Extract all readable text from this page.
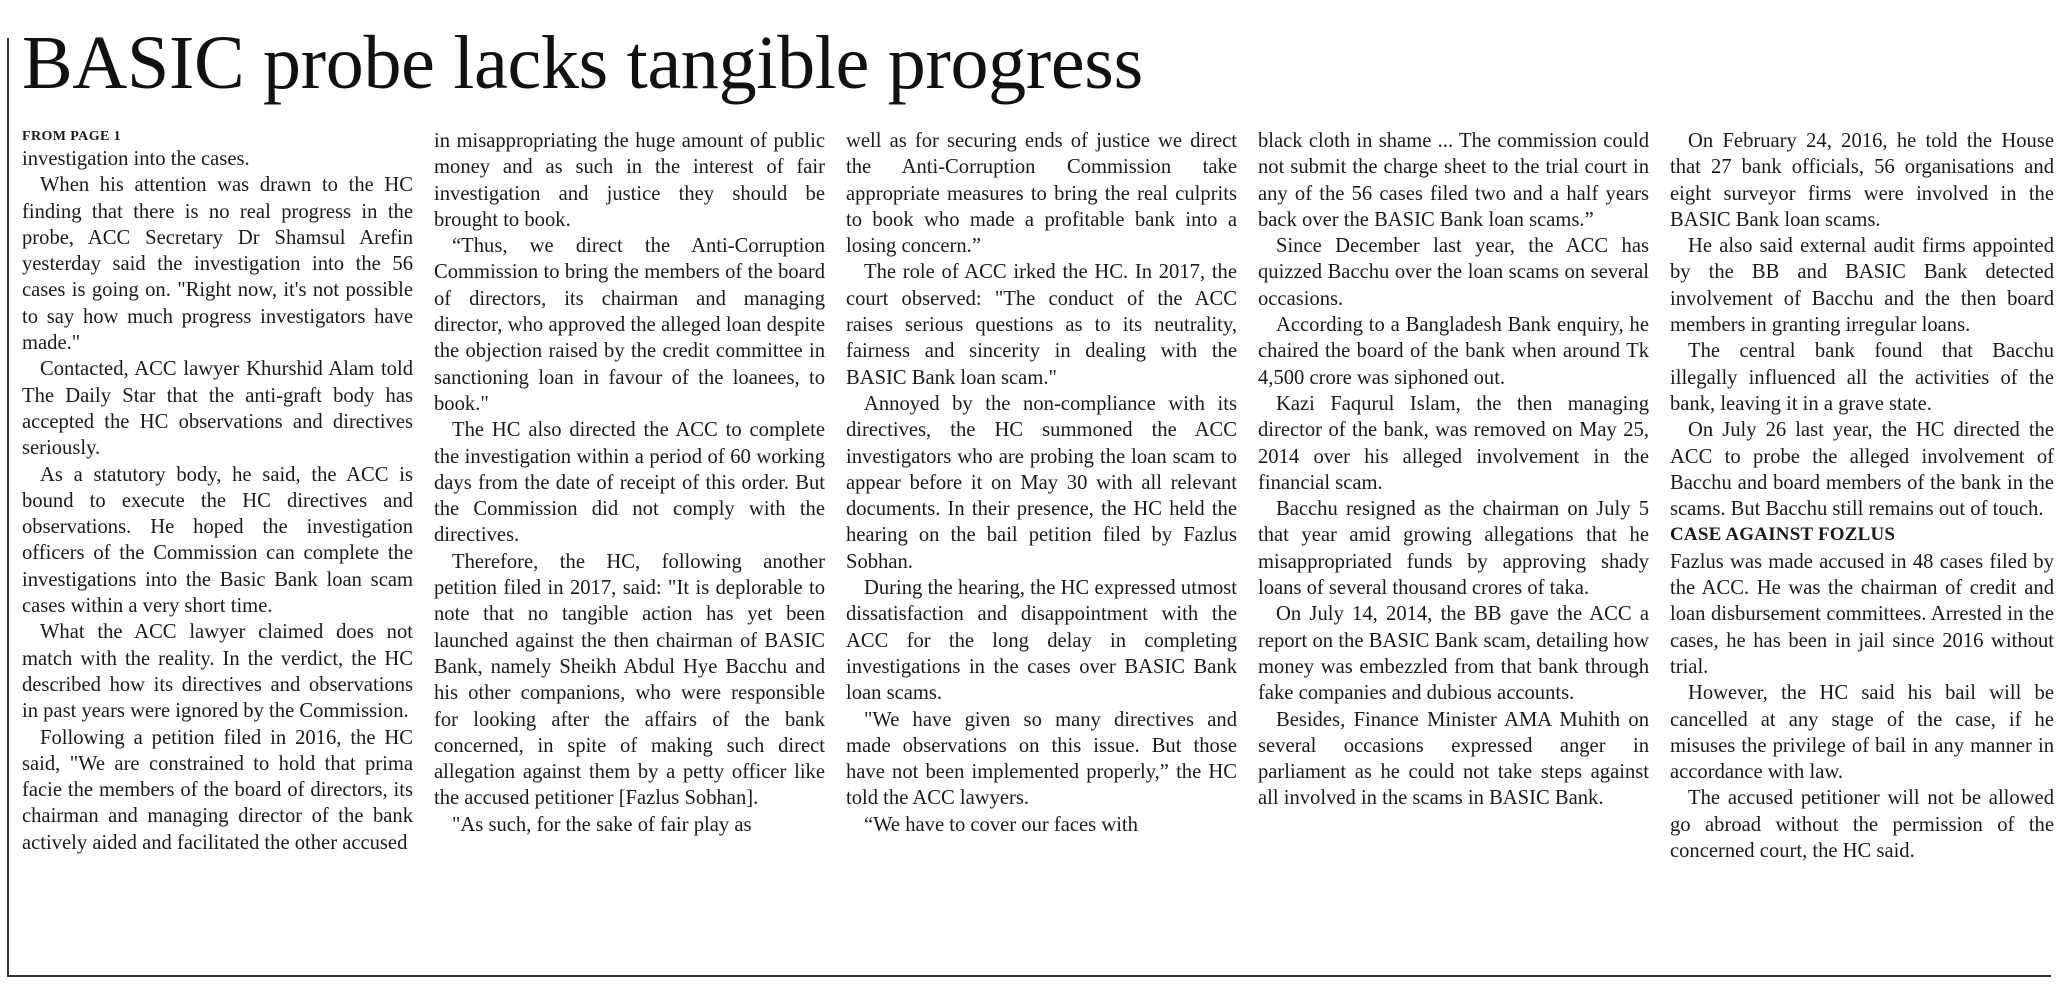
BASIC probe lacks tangible progress

FROM PAGE 1

investigation into the cases.

When his attention was drawn to the HC finding that there is no real progress in the probe, ACC Secretary Dr Shamsul Arefin yesterday said the investigation into the 56 cases is going on. "Right now, it's not possible to say how much progress investigators have made."

Contacted, ACC lawyer Khurshid Alam told The Daily Star that the anti-graft body has accepted the HC observations and directives seriously.

As a statutory body, he said, the ACC is bound to execute the HC directives and observations. He hoped the investigation officers of the Commission can complete the investigations into the Basic Bank loan scam cases within a very short time.

What the ACC lawyer claimed does not match with the reality. In the verdict, the HC described how its directives and observations in past years were ignored by the Commission.

Following a petition filed in 2016, the HC said, "We are constrained to hold that prima facie the members of the board of directors, its chairman and managing director of the bank actively aided and facilitated the other accused

in misappropriating the huge amount of public money and as such in the interest of fair investigation and justice they should be brought to book.

“Thus, we direct the Anti-Corruption Commission to bring the members of the board of directors, its chairman and managing director, who approved the alleged loan despite the objection raised by the credit committee in sanctioning loan in favour of the loanees, to book."

The HC also directed the ACC to complete the investigation within a period of 60 working days from the date of receipt of this order. But the Commission did not comply with the directives.

Therefore, the HC, following another petition filed in 2017, said: "It is deplorable to note that no tangible action has yet been launched against the then chairman of BASIC Bank, namely Sheikh Abdul Hye Bacchu and his other companions, who were responsible for looking after the affairs of the bank concerned, in spite of making such direct allegation against them by a petty officer like the accused petitioner [Fazlus Sobhan].

"As such, for the sake of fair play as

well as for securing ends of justice we direct the Anti-Corruption Commission take appropriate measures to bring the real culprits to book who made a profitable bank into a losing concern.”

The role of ACC irked the HC. In 2017, the court observed: "The conduct of the ACC raises serious questions as to its neutrality, fairness and sincerity in dealing with the BASIC Bank loan scam."

Annoyed by the non-compliance with its directives, the HC summoned the ACC investigators who are probing the loan scam to appear before it on May 30 with all relevant documents. In their presence, the HC held the hearing on the bail petition filed by Fazlus Sobhan.

During the hearing, the HC expressed utmost dissatisfaction and disappointment with the ACC for the long delay in completing investigations in the cases over BASIC Bank loan scams.

"We have given so many directives and made observations on this issue. But those have not been implemented properly,” the HC told the ACC lawyers.

“We have to cover our faces with

black cloth in shame ... The commission could not submit the charge sheet to the trial court in any of the 56 cases filed two and a half years back over the BASIC Bank loan scams.”

Since December last year, the ACC has quizzed Bacchu over the loan scams on several occasions.

According to a Bangladesh Bank enquiry, he chaired the board of the bank when around Tk 4,500 crore was siphoned out.

Kazi Faqurul Islam, the then managing director of the bank, was removed on May 25, 2014 over his alleged involvement in the financial scam.

Bacchu resigned as the chairman on July 5 that year amid growing allegations that he misappropriated funds by approving shady loans of several thousand crores of taka.

On July 14, 2014, the BB gave the ACC a report on the BASIC Bank scam, detailing how money was embezzled from that bank through fake companies and dubious accounts.

Besides, Finance Minister AMA Muhith on several occasions expressed anger in parliament as he could not take steps against all involved in the scams in BASIC Bank.

On February 24, 2016, he told the House that 27 bank officials, 56 organisations and eight surveyor firms were involved in the BASIC Bank loan scams.

He also said external audit firms appointed by the BB and BASIC Bank detected involvement of Bacchu and the then board members in granting irregular loans.

The central bank found that Bacchu illegally influenced all the activities of the bank, leaving it in a grave state.

On July 26 last year, the HC directed the ACC to probe the alleged involvement of Bacchu and board members of the bank in the scams. But Bacchu still remains out of touch.

CASE AGAINST FOZLUS

Fazlus was made accused in 48 cases filed by the ACC. He was the chairman of credit and loan disbursement committees. Arrested in the cases, he has been in jail since 2016 without trial.

However, the HC said his bail will be cancelled at any stage of the case, if he misuses the privilege of bail in any manner in accordance with law.

The accused petitioner will not be allowed go abroad without the permission of the concerned court, the HC said.
